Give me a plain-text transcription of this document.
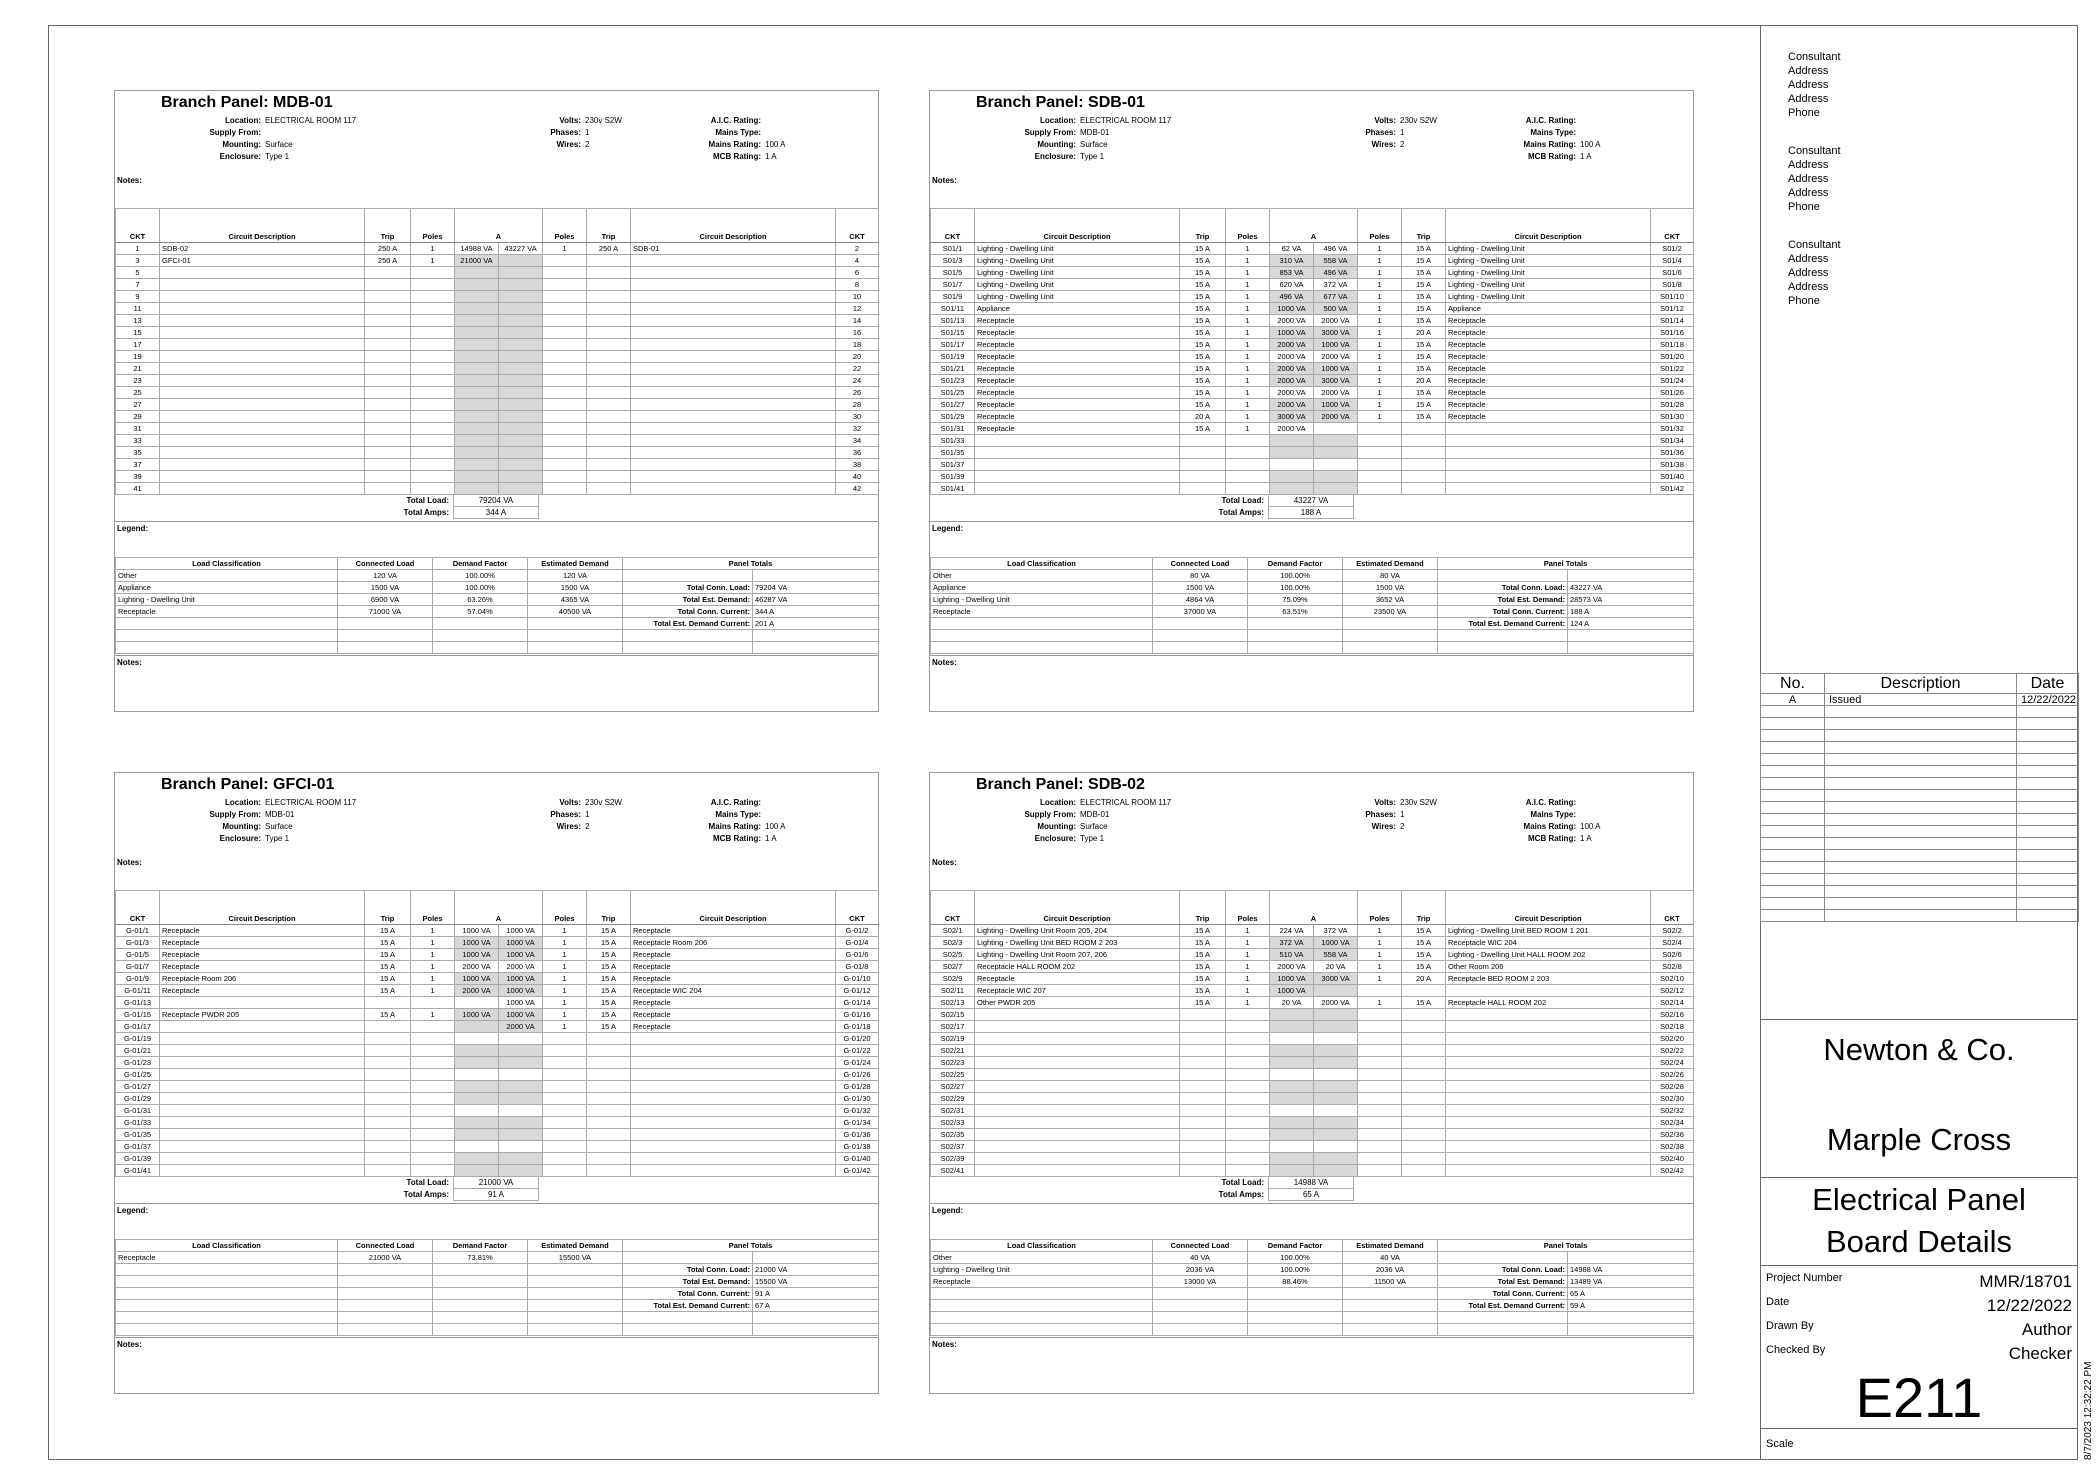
Branch Panel: MDB-01
Location: ELECTRICAL ROOM 117
Supply From:
Mounting: Surface
Enclosure: Type 1
Volts: 230v S2W
Phases: 1
Wires: 2
A.I.C. Rating:
Mains Type:
Mains Rating: 100 A
MCB Rating: 1 A
Notes:
CKT	Circuit Description	Trip	Poles	A		Poles	Trip	Circuit Description	CKT
1	SDB-02	250 A	1	14988 VA	43227 VA	1	250 A	SDB-01	2
3	GFCI-01	250 A	1	21000 VA					4
5									6
7									8
9									10
11									12
13									14
15									16
17									18
19									20
21									22
23									24
25									26
27									28
29									30
31									32
33									34
35									36
37									38
39									40
41									42
Total Load:	79204 VA
Total Amps:	344 A
Legend:
Load Classification	Connected Load	Demand Factor	Estimated Demand	Panel Totals	
Other	120 VA	100.00%	120 VA		
Appliance	1500 VA	100.00%	1500 VA	Total Conn. Load:	79204 VA
Lighting - Dwelling Unit	6900 VA	63.26%	4365 VA	Total Est. Demand:	46287 VA
Receptacle	71000 VA	57.04%	40500 VA	Total Conn. Current:	344 A
				Total Est. Demand Current:	201 A

Notes:
Branch Panel: SDB-01
Location: ELECTRICAL ROOM 117
Supply From: MDB-01
Mounting: Surface
Enclosure: Type 1
Volts: 230v S2W
Phases: 1
Wires: 2
A.I.C. Rating:
Mains Type:
Mains Rating: 100 A
MCB Rating: 1 A
Notes:
CKT	Circuit Description	Trip	Poles	A		Poles	Trip	Circuit Description	CKT
S01/1	Lighting - Dwelling Unit	15 A	1	62 VA	496 VA	1	15 A	Lighting - Dwelling Unit	S01/2
S01/3	Lighting - Dwelling Unit	15 A	1	310 VA	558 VA	1	15 A	Lighting - Dwelling Unit	S01/4
S01/5	Lighting - Dwelling Unit	15 A	1	853 VA	496 VA	1	15 A	Lighting - Dwelling Unit	S01/6
S01/7	Lighting - Dwelling Unit	15 A	1	620 VA	372 VA	1	15 A	Lighting - Dwelling Unit	S01/8
S01/9	Lighting - Dwelling Unit	15 A	1	496 VA	677 VA	1	15 A	Lighting - Dwelling Unit	S01/10
S01/11	Appliance	15 A	1	1000 VA	500 VA	1	15 A	Appliance	S01/12
S01/13	Receptacle	15 A	1	2000 VA	2000 VA	1	15 A	Receptacle	S01/14
S01/15	Receptacle	15 A	1	1000 VA	3000 VA	1	20 A	Receptacle	S01/16
S01/17	Receptacle	15 A	1	2000 VA	1000 VA	1	15 A	Receptacle	S01/18
S01/19	Receptacle	15 A	1	2000 VA	2000 VA	1	15 A	Receptacle	S01/20
S01/21	Receptacle	15 A	1	2000 VA	1000 VA	1	15 A	Receptacle	S01/22
S01/23	Receptacle	15 A	1	2000 VA	3000 VA	1	20 A	Receptacle	S01/24
S01/25	Receptacle	15 A	1	2000 VA	2000 VA	1	15 A	Receptacle	S01/26
S01/27	Receptacle	15 A	1	2000 VA	1000 VA	1	15 A	Receptacle	S01/28
S01/29	Receptacle	20 A	1	3000 VA	2000 VA	1	15 A	Receptacle	S01/30
S01/31	Receptacle	15 A	1	2000 VA					S01/32
S01/33									S01/34
S01/35									S01/36
S01/37									S01/38
S01/39									S01/40
S01/41									S01/42
Total Load:	43227 VA
Total Amps:	188 A
Legend:
Load Classification	Connected Load	Demand Factor	Estimated Demand	Panel Totals	
Other	80 VA	100.00%	80 VA		
Appliance	1500 VA	100.00%	1500 VA	Total Conn. Load:	43227 VA
Lighting - Dwelling Unit	4864 VA	75.09%	3652 VA	Total Est. Demand:	28573 VA
Receptacle	37000 VA	63.51%	23500 VA	Total Conn. Current:	188 A
				Total Est. Demand Current:	124 A

Notes:
Branch Panel: GFCI-01
Location: ELECTRICAL ROOM 117
Supply From: MDB-01
Mounting: Surface
Enclosure: Type 1
Volts: 230v S2W
Phases: 1
Wires: 2
A.I.C. Rating:
Mains Type:
Mains Rating: 100 A
MCB Rating: 1 A
Notes:
CKT	Circuit Description	Trip	Poles	A		Poles	Trip	Circuit Description	CKT
G-01/1	Receptacle	15 A	1	1000 VA	1000 VA	1	15 A	Receptacle	G-01/2
G-01/3	Receptacle	15 A	1	1000 VA	1000 VA	1	15 A	Receptacle Room 206	G-01/4
G-01/5	Receptacle	15 A	1	1000 VA	1000 VA	1	15 A	Receptacle	G-01/6
G-01/7	Receptacle	15 A	1	2000 VA	2000 VA	1	15 A	Receptacle	G-01/8
G-01/9	Receptacle Room 206	15 A	1	1000 VA	1000 VA	1	15 A	Receptacle	G-01/10
G-01/11	Receptacle	15 A	1	2000 VA	1000 VA	1	15 A	Receptacle WIC 204	G-01/12
G-01/13					1000 VA	1	15 A	Receptacle	G-01/14
G-01/15	Receptacle PWDR 205	15 A	1	1000 VA	1000 VA	1	15 A	Receptacle	G-01/16
G-01/17					2000 VA	1	15 A	Receptacle	G-01/18
G-01/19									G-01/20
G-01/21									G-01/22
G-01/23									G-01/24
G-01/25									G-01/26
G-01/27									G-01/28
G-01/29									G-01/30
G-01/31									G-01/32
G-01/33									G-01/34
G-01/35									G-01/36
G-01/37									G-01/38
G-01/39									G-01/40
G-01/41									G-01/42
Total Load:	21000 VA
Total Amps:	91 A
Legend:
Load Classification	Connected Load	Demand Factor	Estimated Demand	Panel Totals	
Receptacle	21000 VA	73.81%	15500 VA		
				Total Conn. Load:	21000 VA
				Total Est. Demand:	15500 VA
				Total Conn. Current:	91 A
				Total Est. Demand Current:	67 A

Notes:
Branch Panel: SDB-02
Location: ELECTRICAL ROOM 117
Supply From: MDB-01
Mounting: Surface
Enclosure: Type 1
Volts: 230v S2W
Phases: 1
Wires: 2
A.I.C. Rating:
Mains Type:
Mains Rating: 100 A
MCB Rating: 1 A
Notes:
CKT	Circuit Description	Trip	Poles	A		Poles	Trip	Circuit Description	CKT
S02/1	Lighting - Dwelling Unit Room 205, 204	15 A	1	224 VA	372 VA	1	15 A	Lighting - Dwelling Unit BED ROOM 1 201	S02/2
S02/3	Lighting - Dwelling Unit BED ROOM 2 203	15 A	1	372 VA	1000 VA	1	15 A	Receptacle WIC 204	S02/4
S02/5	Lighting - Dwelling Unit Room 207, 206	15 A	1	510 VA	558 VA	1	15 A	Lighting - Dwelling Unit HALL ROOM 202	S02/6
S02/7	Receptacle HALL ROOM 202	15 A	1	2000 VA	20 VA	1	15 A	Other Room 206	S02/8
S02/9	Receptacle	15 A	1	1000 VA	3000 VA	1	20 A	Receptacle BED ROOM 2 203	S02/10
S02/11	Receptacle WIC 207	15 A	1	1000 VA					S02/12
S02/13	Other PWDR 205	15 A	1	20 VA	2000 VA	1	15 A	Receptacle HALL ROOM 202	S02/14
S02/15									S02/16
S02/17									S02/18
S02/19									S02/20
S02/21									S02/22
S02/23									S02/24
S02/25									S02/26
S02/27									S02/28
S02/29									S02/30
S02/31									S02/32
S02/33									S02/34
S02/35									S02/36
S02/37									S02/38
S02/39									S02/40
S02/41									S02/42
Total Load:	14988 VA
Total Amps:	65 A
Legend:
Load Classification	Connected Load	Demand Factor	Estimated Demand	Panel Totals	
Other	40 VA	100.00%	40 VA		
Lighting - Dwelling Unit	2036 VA	100.00%	2036 VA	Total Conn. Load:	14988 VA
Receptacle	13000 VA	88.46%	11500 VA	Total Est. Demand:	13489 VA
				Total Conn. Current:	65 A
				Total Est. Demand Current:	59 A

Notes:
Consultant
Address
Address
Address
Phone
Consultant
Address
Address
Address
Phone
Consultant
Address
Address
Address
Phone
No.	Description	Date
A	Issued	12/22/2022

Newton & Co.
Marple Cross
Electrical Panel
Board Details
Project Number	MMR/18701
Date	12/22/2022
Drawn By	Author
Checked By	Checker
E211
Scale	8/7/2023 12:32:22 PM
